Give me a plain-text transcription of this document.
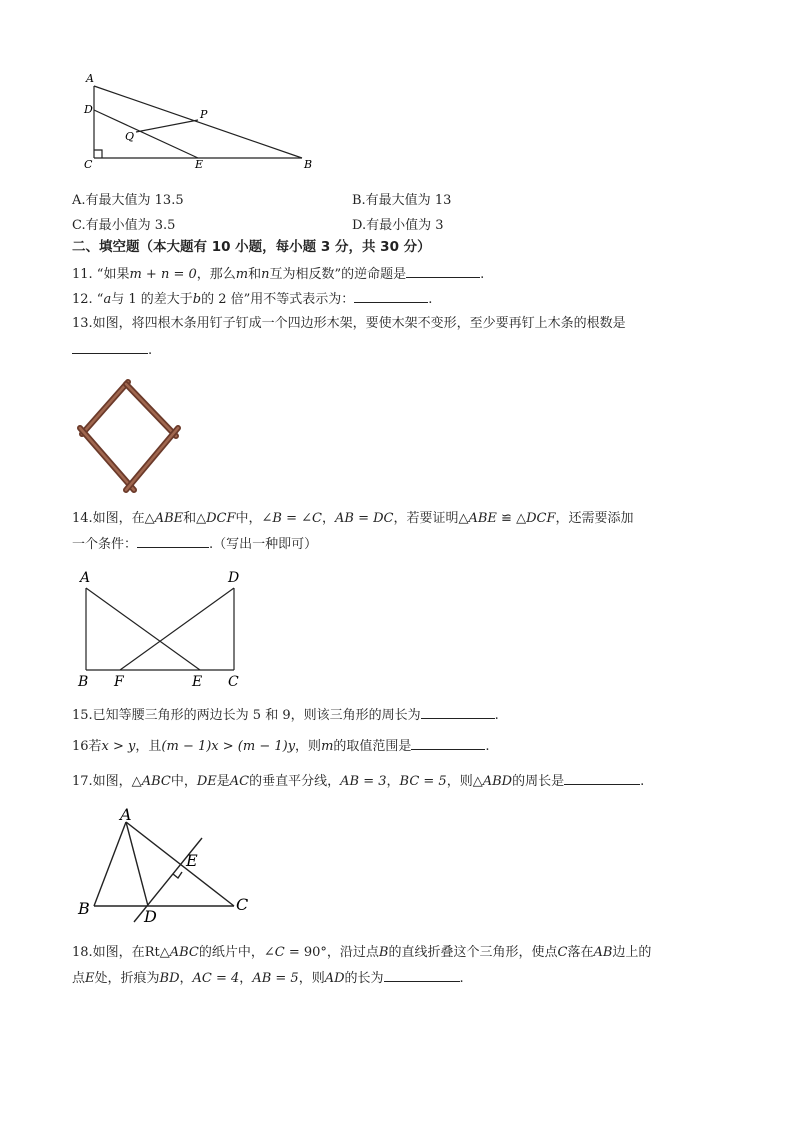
A
D	P
Q
C	E	B
A.有最大值为 13.5	B.有最大值为 13
C.有最小值为 3.5	D.有最小值为 3
二、填空题（本大题有 10 小题，每小题 3 分，共 30 分）
11. “如果m + n = 0，那么m和n互为相反数”的逆命题是	.
12. “a与 1 的差大于b的 2 倍”用不等式表示为：	.
13.如图，将四根木条用钉子钉成一个四边形木架，要使木架不变形，至少要再钉上木条的根数是
.
14.如图，在△ABE和△DCF中，∠B = ∠C，AB = DC，若要证明△ABE ≌ △DCF，还需要添加
一个条件：	.（写出一种即可）
A	D
B F	E C
15.已知等腰三角形的两边长为 5 和 9，则该三角形的周长为	.
16若x > y，且(m − 1)x > (m − 1)y，则m的取值范围是	.
17.如图，△ABC中，DE是AC的垂直平分线，AB = 3，BC = 5，则△ABD的周长是	.
A
E
B	D
C
18.如图，在Rt△ABC的纸片中，∠C = 90°，沿过点B的直线折叠这个三角形，使点C落在AB边上的
点E处，折痕为BD，AC = 4，AB = 5，则AD的长为	.
